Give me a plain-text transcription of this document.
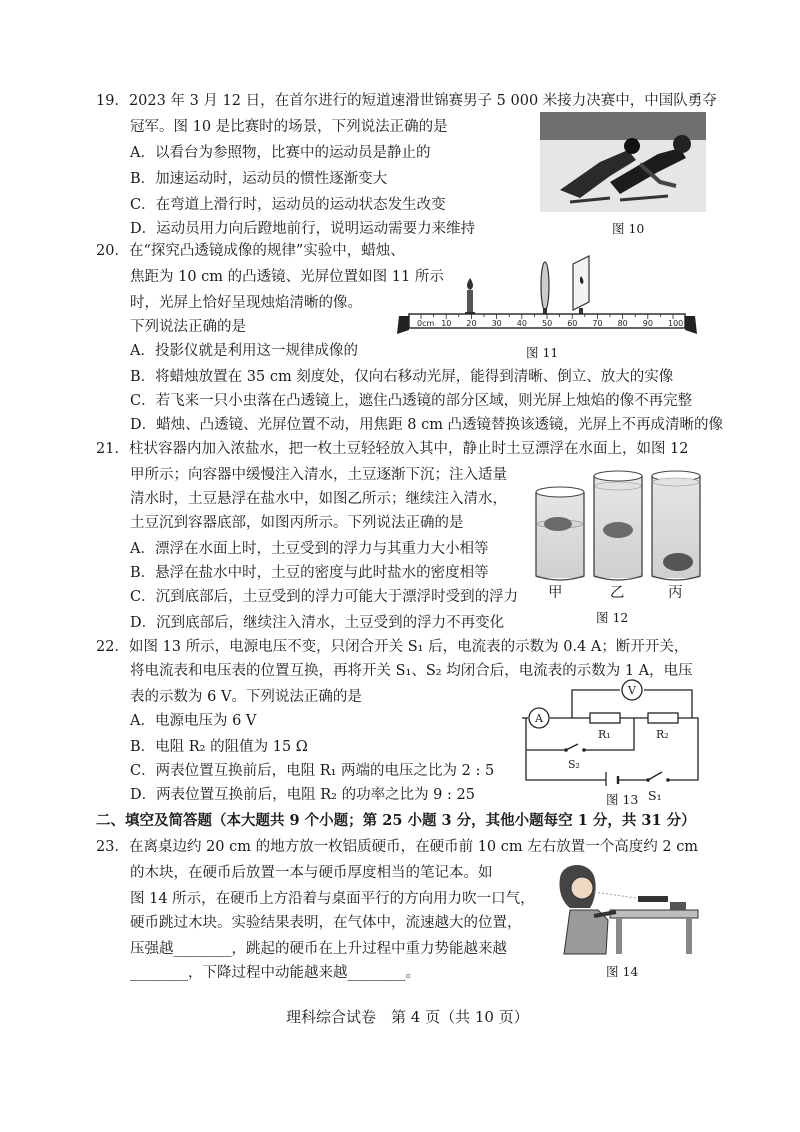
19．2023 年 3 月 12 日，在首尔进行的短道速滑世锦赛男子 5 000 米接力决赛中，中国队勇夺
冠军。图 10 是比赛时的场景，下列说法正确的是
A．以看台为参照物，比赛中的运动员是静止的
B．加速运动时，运动员的惯性逐渐变大
C．在弯道上滑行时，运动员的运动状态发生改变
D．运动员用力向后蹬地前行，说明运动需要力来维持	图 10
20．在“探究凸透镜成像的规律”实验中，蜡烛、
焦距为 10 cm 的凸透镜、光屏位置如图 11 所示
时，光屏上恰好呈现烛焰清晰的像。
下列说法正确的是
A．投影仪就是利用这一规律成像的
B．将蜡烛放置在 35 cm 刻度处，仅向右移动光屏，能得到清晰、倒立、放大的实像
C．若飞来一只小虫落在凸透镜上，遮住凸透镜的部分区域，则光屏上烛焰的像不再完整
D．蜡烛、凸透镜、光屏位置不动，用焦距 8 cm 凸透镜替换该透镜，光屏上不再成清晰的像
0cm 10 20 30 40 50 60 70 80 90 100
图 11
21．柱状容器内加入浓盐水，把一枚土豆轻轻放入其中，静止时土豆漂浮在水面上，如图 12
甲所示；向容器中缓慢注入清水，土豆逐渐下沉；注入适量
清水时，土豆悬浮在盐水中，如图乙所示；继续注入清水，
土豆沉到容器底部，如图丙所示。下列说法正确的是
A．漂浮在水面上时，土豆受到的浮力与其重力大小相等
B．悬浮在盐水中时，土豆的密度与此时盐水的密度相等
C．沉到底部后，土豆受到的浮力可能大于漂浮时受到的浮力
D．沉到底部后，继续注入清水，土豆受到的浮力不再变化
甲	乙	丙
图 12
22．如图 13 所示，电源电压不变，只闭合开关 S₁ 后，电流表的示数为 0.4 A；断开开关，
将电流表和电压表的位置互换，再将开关 S₁、S₂ 均闭合后，电流表的示数为 1 A，电压
表的示数为 6 V。下列说法正确的是
A．电源电压为 6 V
B．电阻 R₂ 的阻值为 15 Ω
C．两表位置互换前后，电阻 R₁ 两端的电压之比为 2 : 5
D．两表位置互换前后，电阻 R₂ 的功率之比为 9 : 25
A
V
R₁	R₂
S₂
图 13 S₁
二、填空及简答题（本大题共 9 个小题；第 25 小题 3 分，其他小题每空 1 分，共 31 分）
23．在离桌边约 20 cm 的地方放一枚铝质硬币，在硬币前 10 cm 左右放置一个高度约 2 cm
的木块，在硬币后放置一本与硬币厚度相当的笔记本。如
图 14 所示，在硬币上方沿着与桌面平行的方向用力吹一口气，
硬币跳过木块。实验结果表明，在气体中，流速越大的位置，
压强越________，跳起的硬币在上升过程中重力势能越来越
________，下降过程中动能越来越________。	图 14
理科综合试卷　第 4 页（共 10 页）
